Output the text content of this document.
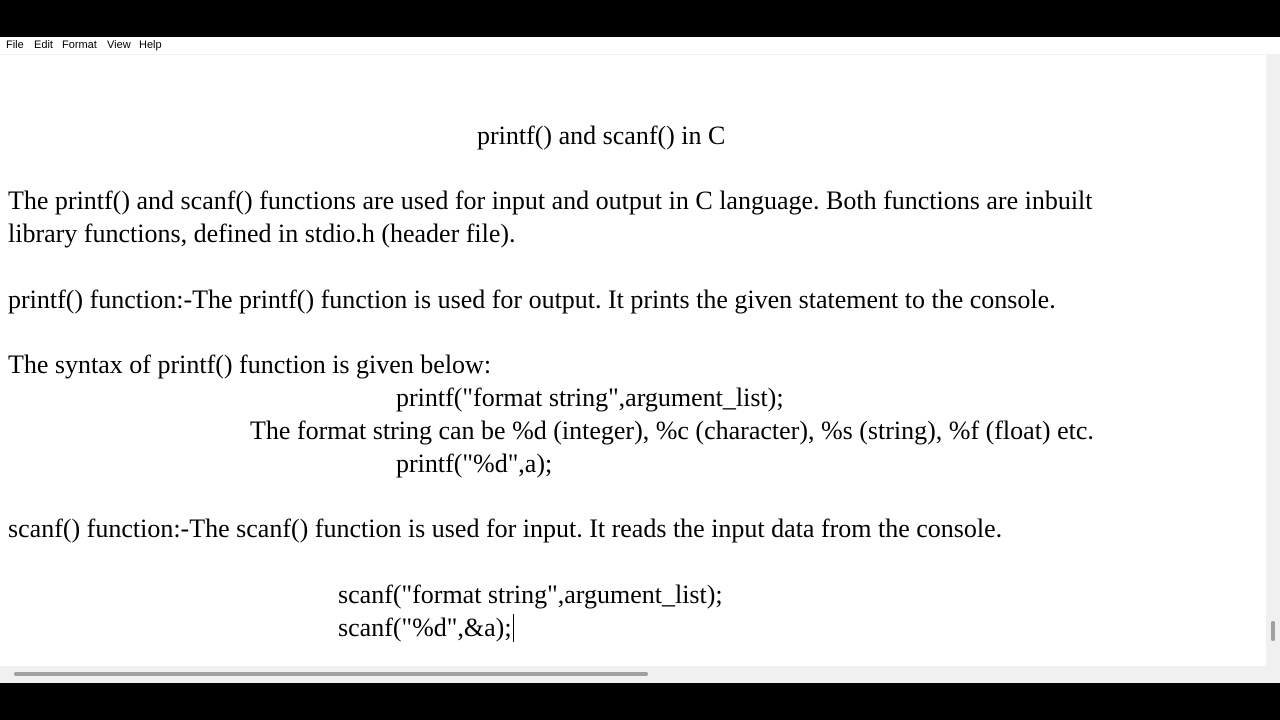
File Edit Format View Help
printf() and scanf() in C
The printf() and scanf() functions are used for input and output in C language. Both functions are inbuilt
library functions, defined in stdio.h (header file).
printf() function:-The printf() function is used for output. It prints the given statement to the console.
The syntax of printf() function is given below:
printf("format string",argument_list);
The format string can be %d (integer), %c (character), %s (string), %f (float) etc.
printf("%d",a);
scanf() function:-The scanf() function is used for input. It reads the input data from the console.
scanf("format string",argument_list);
scanf("%d",&a);
